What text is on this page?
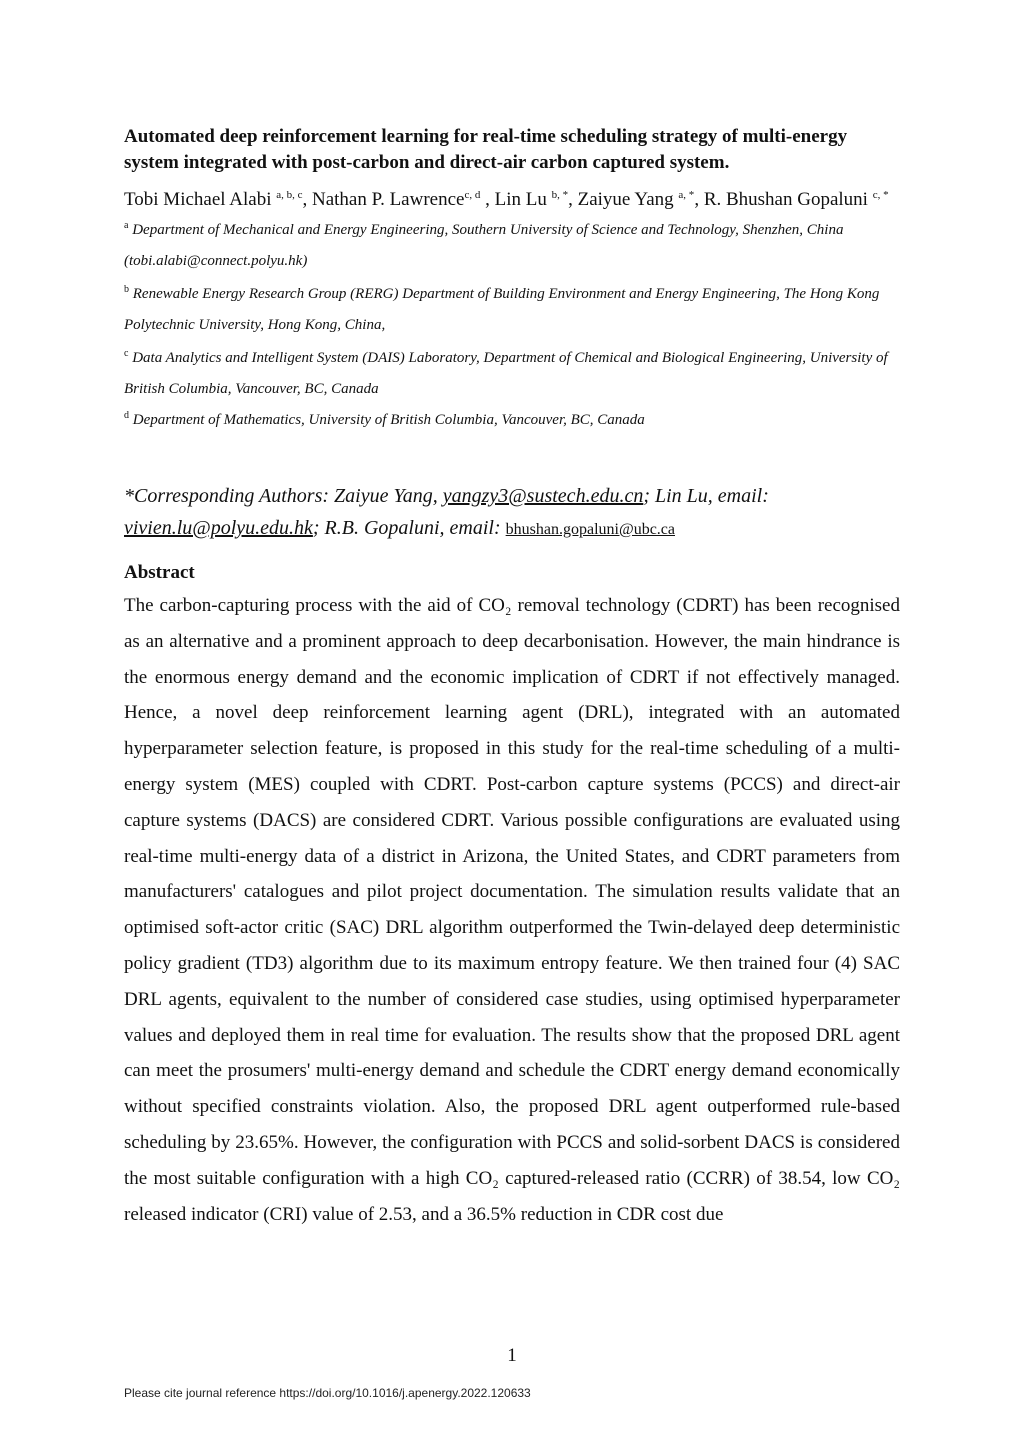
Automated deep reinforcement learning for real-time scheduling strategy of multi-energy system integrated with post-carbon and direct-air carbon captured system.
Tobi Michael Alabi $^{a, b, c}$, Nathan P. Lawrence$^{c, d}$ , Lin Lu $^{b, *}$, Zaiyue Yang $^{a, *}$, R. Bhushan Gopaluni $^{c, *}$

$^a$ Department of Mechanical and Energy Engineering, Southern University of Science and Technology, Shenzhen, China (tobi.alabi@connect.polyu.hk)

$^b$ Renewable Energy Research Group (RERG) Department of Building Environment and Energy Engineering, The Hong Kong Polytechnic University, Hong Kong, China,

$^c$ Data Analytics and Intelligent System (DAIS) Laboratory, Department of Chemical and Biological Engineering, University of British Columbia, Vancouver, BC, Canada

$^d$ Department of Mathematics, University of British Columbia, Vancouver, BC, Canada

*Corresponding Authors: Zaiyue Yang, yangzy3@sustech.edu.cn; Lin Lu, email: vivien.lu@polyu.edu.hk; R.B. Gopaluni, email: bhushan.gopaluni@ubc.ca
Abstract

The carbon-capturing process with the aid of CO₂ removal technology (CDRT) has been recognised as an alternative and a prominent approach to deep decarbonisation. However, the main hindrance is the enormous energy demand and the economic implication of CDRT if not effectively managed. Hence, a novel deep reinforcement learning agent (DRL), integrated with an automated hyperparameter selection feature, is proposed in this study for the real-time scheduling of a multi-energy system (MES) coupled with CDRT. Post-carbon capture systems (PCCS) and direct-air capture systems (DACS) are considered CDRT. Various possible configurations are evaluated using real-time multi-energy data of a district in Arizona, the United States, and CDRT parameters from manufacturers' catalogues and pilot project documentation. The simulation results validate that an optimised soft-actor critic (SAC) DRL algorithm outperformed the Twin-delayed deep deterministic policy gradient (TD3) algorithm due to its maximum entropy feature. We then trained four (4) SAC DRL agents, equivalent to the number of considered case studies, using optimised hyperparameter values and deployed them in real time for evaluation. The results show that the proposed DRL agent can meet the prosumers' multi-energy demand and schedule the CDRT energy demand economically without specified constraints violation. Also, the proposed DRL agent outperformed rule-based scheduling by 23.65%. However, the configuration with PCCS and solid-sorbent DACS is considered the most suitable configuration with a high CO₂ captured-released ratio (CCRR) of 38.54, low CO₂ released indicator (CRI) value of 2.53, and a 36.5% reduction in CDR cost due

1
Please cite journal reference https://doi.org/10.1016/j.apenergy.2022.120633
